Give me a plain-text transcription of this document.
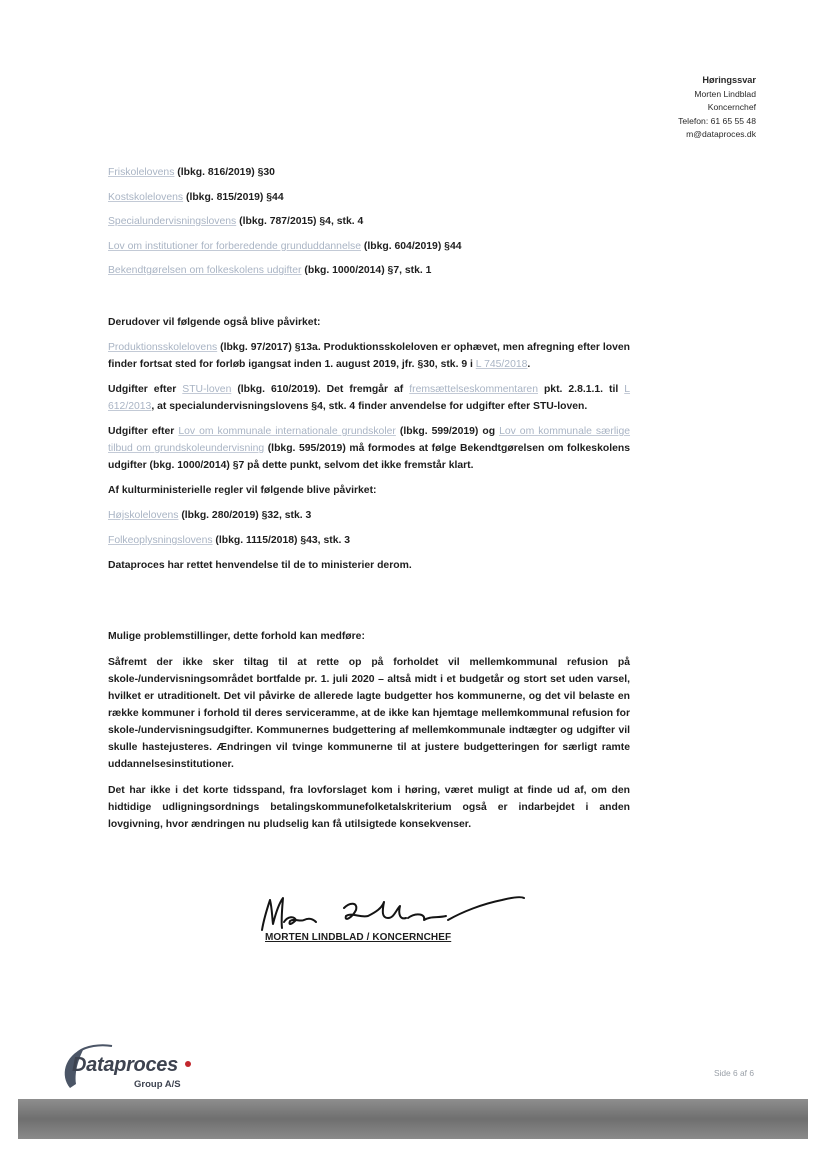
Høringssvar
Morten Lindblad
Koncernchef
Telefon: 61 65 55 48
m@dataproces.dk
Friskolelovens (lbkg. 816/2019) §30
Kostskolelovens (lbkg. 815/2019) §44
Specialundervisningslovens (lbkg. 787/2015) §4, stk. 4
Lov om institutioner for forberedende grunduddannelse (lbkg. 604/2019) §44
Bekendtgørelsen om folkeskolens udgifter (bkg. 1000/2014) §7, stk. 1

Derudover vil følgende også blive påvirket:

Produktionsskolelovens (lbkg. 97/2017) §13a. Produktionsskoleloven er ophævet, men afregning efter loven finder fortsat sted for forløb igangsat inden 1. august 2019, jfr. §30, stk. 9 i L 745/2018.

Udgifter efter STU-loven (lbkg. 610/2019). Det fremgår af fremsættelseskommentaren pkt. 2.8.1.1. til L 612/2013, at specialundervisningslovens §4, stk. 4 finder anvendelse for udgifter efter STU-loven.

Udgifter efter Lov om kommunale internationale grundskoler (lbkg. 599/2019) og Lov om kommunale særlige tilbud om grundskoleundervisning (lbkg. 595/2019) må formodes at følge Bekendtgørelsen om folkeskolens udgifter (bkg. 1000/2014) §7 på dette punkt, selvom det ikke fremstår klart.

Af kulturministerielle regler vil følgende blive påvirket:

Højskolelovens (lbkg. 280/2019) §32, stk. 3

Folkeoplysningslovens (lbkg. 1115/2018) §43, stk. 3

Dataproces har rettet henvendelse til de to ministerier derom.

Mulige problemstillinger, dette forhold kan medføre:

Såfremt der ikke sker tiltag til at rette op på forholdet vil mellemkommunal refusion på skole-/undervisningsområdet bortfalde pr. 1. juli 2020 – altså midt i et budgetår og stort set uden varsel, hvilket er utraditionelt. Det vil påvirke de allerede lagte budgetter hos kommunerne, og det vil belaste en række kommuner i forhold til deres serviceramme, at de ikke kan hjemtage mellemkommunal refusion for skole-/undervisningsudgifter. Kommunernes budgettering af mellemkommunale indtægter og udgifter vil skulle hastejusteres. Ændringen vil tvinge kommunerne til at justere budgetteringen for særligt ramte uddannelsesinstitutioner.

Det har ikke i det korte tidsspand, fra lovforslaget kom i høring, været muligt at finde ud af, om den hidtidige udligningsordnings betalingskommunefolketalskriterium også er indarbejdet i anden lovgivning, hvor ændringen nu pludselig kan få utilsigtede konsekvenser.

MORTEN LINDBLAD / KONCERNCHEF
Dataproces
Group A/S
Side 6 af 6
